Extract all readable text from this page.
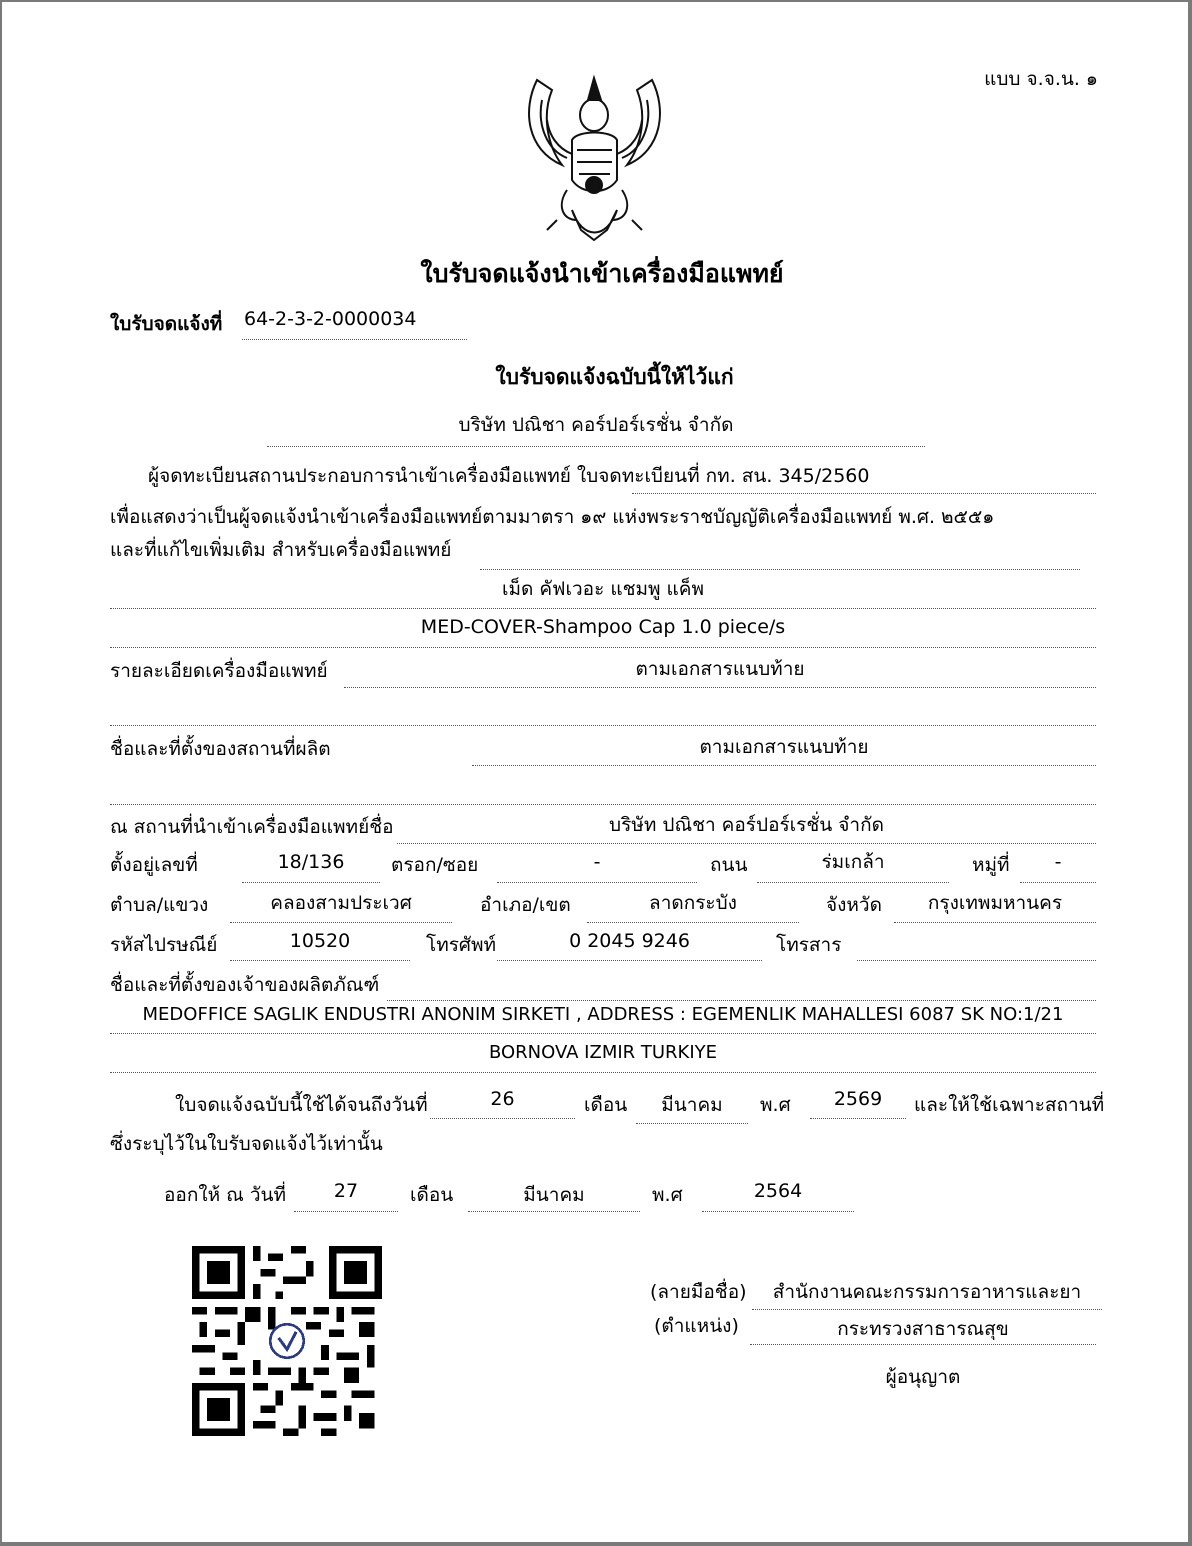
แบบ จ.จ.น. ๑
ใบรับจดแจ้งนำเข้าเครื่องมือแพทย์
ใบรับจดแจ้งที่ 64-2-3-2-0000034
ใบรับจดแจ้งฉบับนี้ให้ไว้แก่
บริษัท ปณิชา คอร์ปอร์เรชั่น จำกัด
ผู้จดทะเบียนสถานประกอบการนำเข้าเครื่องมือแพทย์ ใบจดทะเบียนที่ กท. สน. 345/2560
เพื่อแสดงว่าเป็นผู้จดแจ้งนำเข้าเครื่องมือแพทย์ตามมาตรา ๑๙ แห่งพระราชบัญญัติเครื่องมือแพทย์ พ.ศ. ๒๕๕๑
และที่แก้ไขเพิ่มเติม สำหรับเครื่องมือแพทย์
เม็ด คัฟเวอะ แชมพู แค็พ
MED-COVER-Shampoo Cap 1.0 piece/s
รายละเอียดเครื่องมือแพทย์	ตามเอกสารแนบท้าย
ชื่อและที่ตั้งของสถานที่ผลิต	ตามเอกสารแนบท้าย
ณ สถานที่นำเข้าเครื่องมือแพทย์ชื่อ	บริษัท ปณิชา คอร์ปอร์เรชั่น จำกัด
ตั้งอยู่เลขที่	18/136	ตรอก/ซอย	-	ถนน	ร่มเกล้า	หมู่ที่	-
ตำบล/แขวง	คลองสามประเวศ	อำเภอ/เขต	ลาดกระบัง	จังหวัด	กรุงเทพมหานคร
รหัสไปรษณีย์	10520	โทรศัพท์	0 2045 9246	โทรสาร
ชื่อและที่ตั้งของเจ้าของผลิตภัณฑ์
MEDOFFICE SAGLIK ENDUSTRI ANONIM SIRKETI , ADDRESS : EGEMENLIK MAHALLESI 6087 SK NO:1/21
BORNOVA IZMIR TURKIYE
ใบจดแจ้งฉบับนี้ใช้ได้จนถึงวันที่	26	เดือน	มีนาคม	พ.ศ	2569	และให้ใช้เฉพาะสถานที่
ซึ่งระบุไว้ในใบรับจดแจ้งไว้เท่านั้น
ออกให้ ณ วันที่	27	เดือน	มีนาคม	พ.ศ	2564
(ลายมือชื่อ)	สำนักงานคณะกรรมการอาหารและยา
(ตำแหน่ง)	กระทรวงสาธารณสุข
ผู้อนุญาต
